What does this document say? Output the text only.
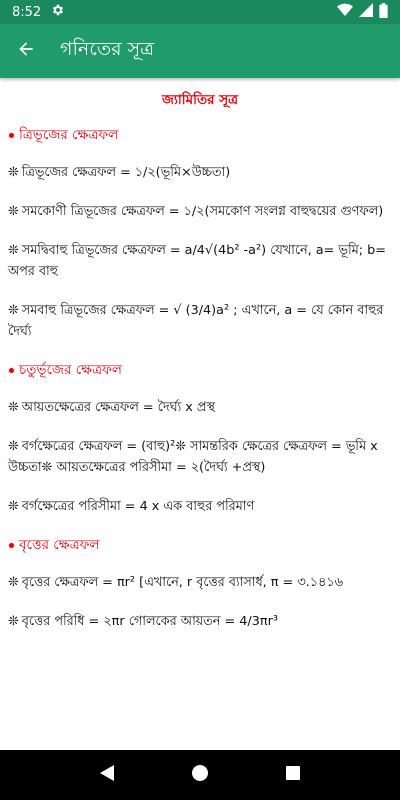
8:52
গনিতের সূত্র
জ্যামিতির সূত্র
ত্রিভূজের ক্ষেত্রফল
❊ ত্রিভূজের ক্ষেত্রফল = ১/২(ভূমি×উচ্চতা)
❊ সমকোণী ত্রিভূজের ক্ষেত্রফল = ১/২(সমকোণ সংলগ্ন বাহুদ্বয়ের গুণফল)
❊ সমদ্বিবাহু ত্রিভূজের ক্ষেত্রফল = a/4√(4b² -a²) যেখানে, a= ভূমি; b= অপর বাহু
❊ সমবাহু ত্রিভূজের ক্ষেত্রফল = √ (3/4)a² ; এখানে, a = যে কোন বাহুর দৈর্ঘ্য
চতুর্ভূজের ক্ষেত্রফল
❊ আয়তক্ষেত্রের ক্ষেত্রফল = দৈর্ঘ্য x প্রস্থ
❊ বর্গক্ষেত্রের ক্ষেত্রফল = (বাহু)²❊ সামন্তরিক ক্ষেত্রের ক্ষেত্রফল = ভূমি x উচ্চতা❊ আয়তক্ষেত্রের পরিসীমা = ২(দৈর্ঘ্য +প্রস্থ)
❊ বর্গক্ষেত্রের পরিসীমা = 4 x এক বাহুর পরিমাণ
বৃত্তের ক্ষেত্রফল
❊ বৃত্তের ক্ষেত্রফল = πr² [এখানে, r বৃত্তের ব্যাসার্ধ, π = ৩.১৪১৬
❊ বৃত্তের পরিধি = ২πr গোলকের আয়তন = 4/3πr³
